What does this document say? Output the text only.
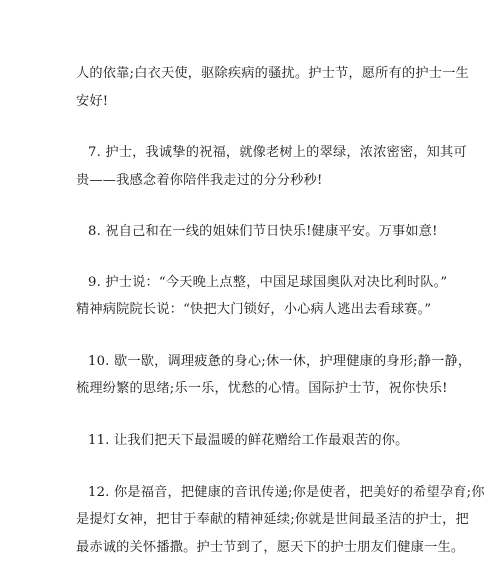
人的依靠;白衣天使，驱除疾病的骚扰。护士节，愿所有的护士一生
安好!
7. 护士，我诚挚的祝福，就像老树上的翠绿，浓浓密密，知其可
贵——我感念着你陪伴我走过的分分秒秒!
8. 祝自己和在一线的姐妹们节日快乐!健康平安。万事如意!
9. 护士说：“今天晚上点整，中国足球国奥队对决比利时队。”
精神病院院长说：“快把大门锁好，小心病人逃出去看球赛。”
10. 歇一歇，调理疲惫的身心;休一休，护理健康的身形;静一静，
梳理纷繁的思绪;乐一乐，忧愁的心情。国际护士节，祝你快乐!
11. 让我们把天下最温暖的鲜花赠给工作最艰苦的你。
12. 你是福音，把健康的音讯传递;你是使者，把美好的希望孕育;你
是提灯女神，把甘于奉献的精神延续;你就是世间最圣洁的护士，把
最赤诚的关怀播撒。护士节到了，愿天下的护士朋友们健康一生。
